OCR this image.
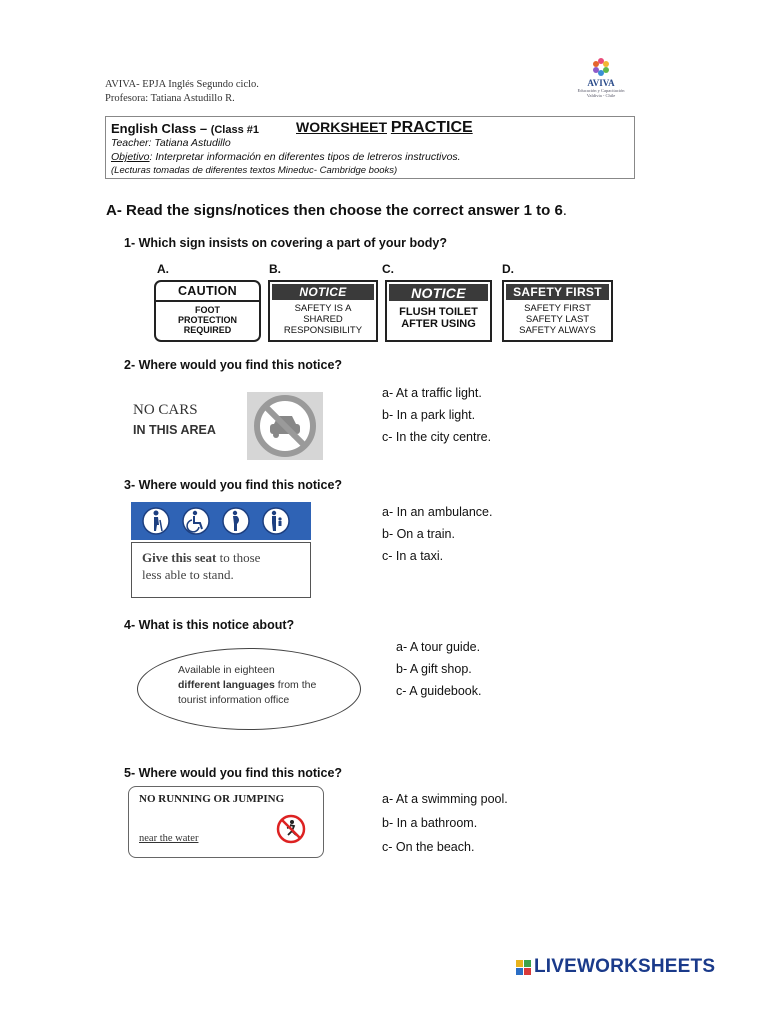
AVIVA- EPJA Inglés Segundo ciclo.
Profesora: Tatiana Astudillo R.
AVIVA
Educación y Capacitación
Valdivia - Chile
English Class – (Class #1	WORKSHEET PRACTICE
Teacher: Tatiana Astudillo
Objetivo: Interpretar información en diferentes tipos de letreros instructivos.
(Lecturas tomadas de diferentes textos Mineduc- Cambridge books)
A- Read the signs/notices then choose the correct answer 1 to 6.
1- Which sign insists on covering a part of your body?
A.	B.	C.	D.
CAUTION
FOOT
PROTECTION
REQUIRED
NOTICE
SAFETY IS A
SHARED
RESPONSIBILITY
NOTICE
FLUSH TOILET
AFTER USING
SAFETY FIRST
SAFETY FIRST
SAFETY LAST
SAFETY ALWAYS
2- Where would you find this notice?
NO CARS
IN THIS AREA
a- At a traffic light.
b- In a park light.
c- In the city centre.
3- Where would you find this notice?
Give this seat to those
less able to stand.
a- In an ambulance.
b- On a train.
c- In a taxi.
4- What is this notice about?
Available in eighteen
different languages from the
tourist information office
a- A tour guide.
b- A gift shop.
c- A guidebook.
5- Where would you find this notice?
NO RUNNING OR JUMPING
near the water
a- At a swimming pool.
b- In a bathroom.
c- On the beach.
LIVEWORKSHEETS
